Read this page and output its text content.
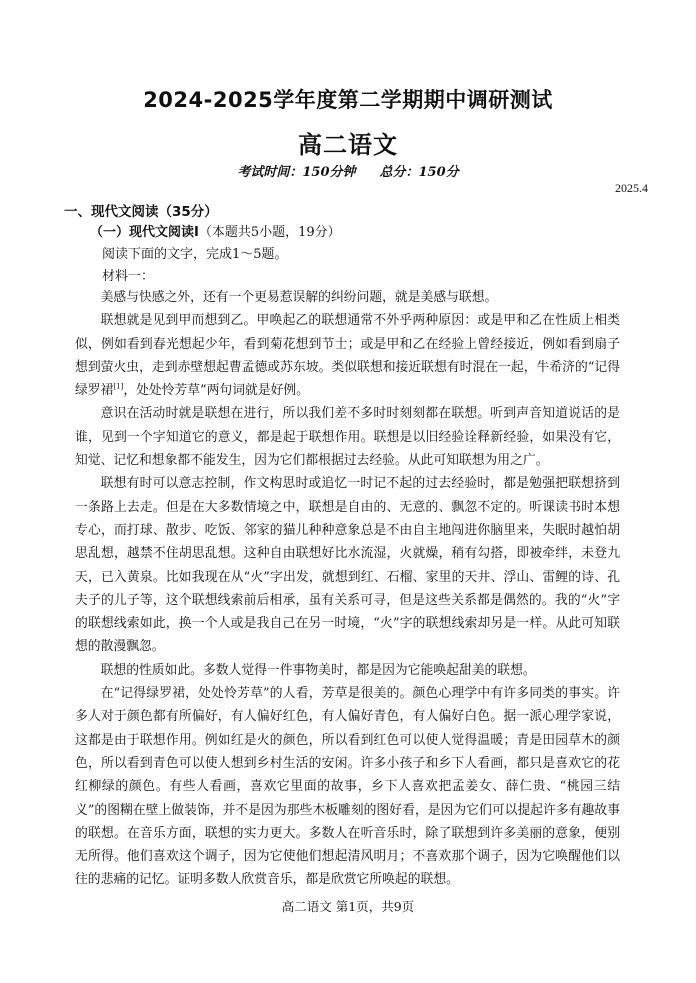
2024-2025学年度第二学期期中调研测试
高二语文
考试时间：150分钟 总分：150分
2025.4
一、现代文阅读（35分）
（一）现代文阅读Ⅰ（本题共5小题，19分）
阅读下面的文字，完成1～5题。
材料一：

美感与快感之外，还有一个更易惹误解的纠纷问题，就是美感与联想。

联想就是见到甲而想到乙。甲唤起乙的联想通常不外乎两种原因：或是甲和乙在性质上相类似，例如看到春光想起少年，看到菊花想到节士；或是甲和乙在经验上曾经接近，例如看到扇子想到萤火虫，走到赤壁想起曹孟德或苏东坡。类似联想和接近联想有时混在一起，牛希济的“记得绿罗裙[1]，处处怜芳草”两句词就是好例。

意识在活动时就是联想在进行，所以我们差不多时时刻刻都在联想。听到声音知道说话的是谁，见到一个字知道它的意义，都是起于联想作用。联想是以旧经验诠释新经验，如果没有它，知觉、记忆和想象都不能发生，因为它们都根据过去经验。从此可知联想为用之广。

联想有时可以意志控制，作文构思时或追忆一时记不起的过去经验时，都是勉强把联想挤到一条路上去走。但是在大多数情境之中，联想是自由的、无意的、飘忽不定的。听课读书时本想专心，而打球、散步、吃饭、邻家的猫儿种种意象总是不由自主地闯进你脑里来，失眠时越怕胡思乱想，越禁不住胡思乱想。这种自由联想好比水流湿，火就燥，稍有勾搭，即被牵绊，未登九天，已入黄泉。比如我现在从“火”字出发，就想到红、石榴、家里的天井、浮山、雷鲤的诗、孔夫子的儿子等，这个联想线索前后相承，虽有关系可寻，但是这些关系都是偶然的。我的“火”字的联想线索如此，换一个人或是我自己在另一时境，“火”字的联想线索却另是一样。从此可知联想的散漫飘忽。

联想的性质如此。多数人觉得一件事物美时，都是因为它能唤起甜美的联想。

在“记得绿罗裙，处处怜芳草”的人看，芳草是很美的。颜色心理学中有许多同类的事实。许多人对于颜色都有所偏好，有人偏好红色，有人偏好青色，有人偏好白色。据一派心理学家说，这都是由于联想作用。例如红是火的颜色，所以看到红色可以使人觉得温暖；青是田园草木的颜色，所以看到青色可以使人想到乡村生活的安闲。许多小孩子和乡下人看画，都只是喜欢它的花红柳绿的颜色。有些人看画，喜欢它里面的故事，乡下人喜欢把孟姜女、薛仁贵、“桃园三结义”的图糊在壁上做装饰，并不是因为那些木板雕刻的图好看，是因为它们可以提起许多有趣故事的联想。在音乐方面，联想的实力更大。多数人在听音乐时，除了联想到许多美丽的意象，便别无所得。他们喜欢这个调子，因为它使他们想起清风明月；不喜欢那个调子，因为它唤醒他们以往的悲痛的记忆。证明多数人欣赏音乐，都是欣赏它所唤起的联想。

高二语文 第1页，共9页
